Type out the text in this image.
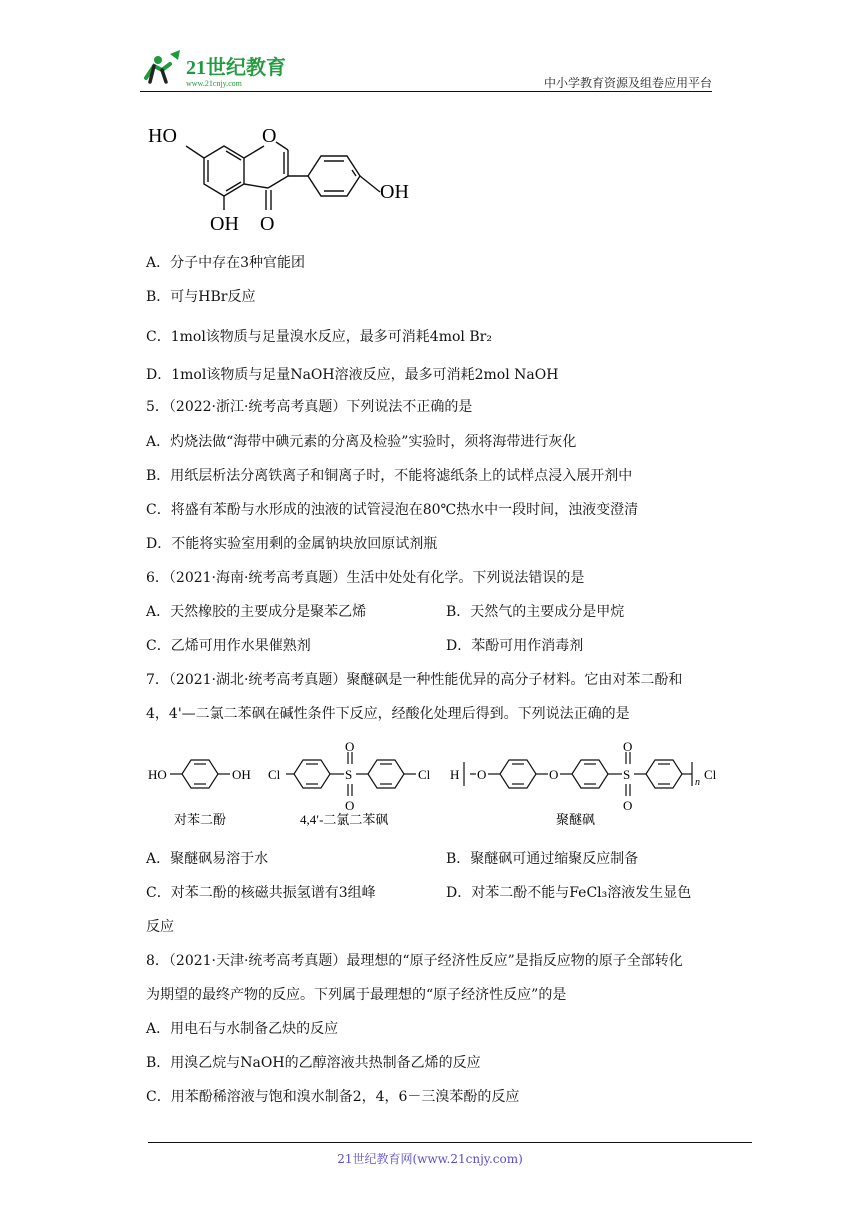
21世纪教育
www.21cnjy.com	中小学教育资源及组卷应用平台
HO	O
OH
OH O
A．分子中存在3种官能团
B．可与HBr反应
C．1mol该物质与足量溴水反应，最多可消耗4mol Br₂
D．1mol该物质与足量NaOH溶液反应，最多可消耗2mol NaOH
5．（2022·浙江·统考高考真题）下列说法不正确的是
A．灼烧法做“海带中碘元素的分离及检验”实验时，须将海带进行灰化
B．用纸层析法分离铁离子和铜离子时，不能将滤纸条上的试样点浸入展开剂中
C．将盛有苯酚与水形成的浊液的试管浸泡在80℃热水中一段时间，浊液变澄清
D．不能将实验室用剩的金属钠块放回原试剂瓶
6．（2021·海南·统考高考真题）生活中处处有化学。下列说法错误的是
A．天然橡胶的主要成分是聚苯乙烯	B．天然气的主要成分是甲烷
C．乙烯可用作水果催熟剂	D．苯酚可用作消毒剂
7．（2021·湖北·统考高考真题）聚醚砜是一种性能优异的高分子材料。它由对苯二酚和
4，4'—二氯二苯砜在碱性条件下反应，经酸化处理后得到。下列说法正确的是
HO	OH Cl	S
O
O
Cl H O	O	S
O
O
n
Cl
对苯二酚	4,4′-二氯二苯砜	聚醚砜
A．聚醚砜易溶于水	B．聚醚砜可通过缩聚反应制备
C．对苯二酚的核磁共振氢谱有3组峰	D．对苯二酚不能与FeCl₃溶液发生显色
反应
8．（2021·天津·统考高考真题）最理想的“原子经济性反应”是指反应物的原子全部转化
为期望的最终产物的反应。下列属于最理想的“原子经济性反应”的是
A．用电石与水制备乙炔的反应
B．用溴乙烷与NaOH的乙醇溶液共热制备乙烯的反应
C．用苯酚稀溶液与饱和溴水制备2，4，6－三溴苯酚的反应
21世纪教育网(www.21cnjy.com)
